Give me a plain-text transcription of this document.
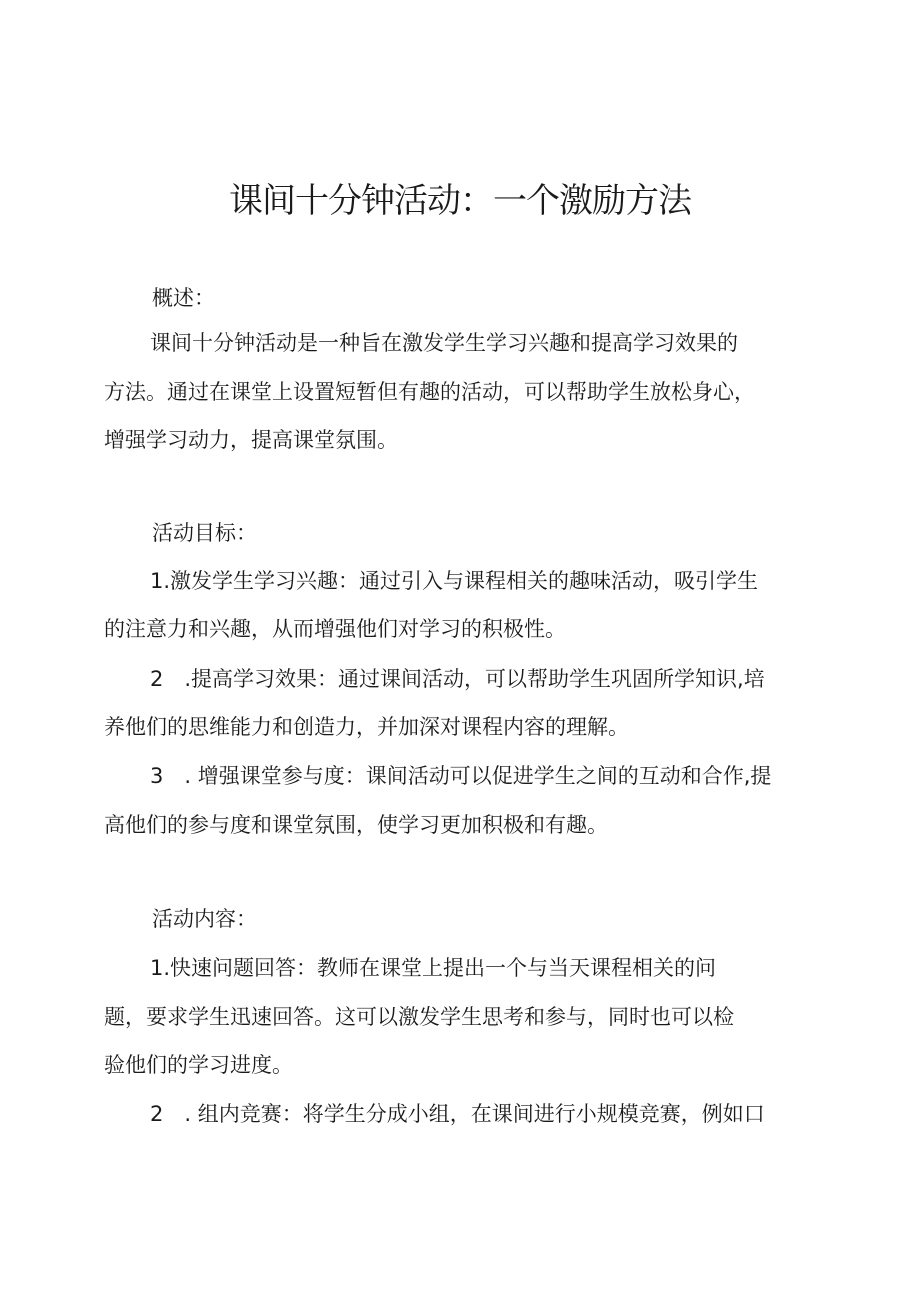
课间十分钟活动：一个激励方法
概述：
课间十分钟活动是一种旨在激发学生学习兴趣和提高学习效果的
方法。通过在课堂上设置短暂但有趣的活动，可以帮助学生放松身心，
增强学习动力，提高课堂氛围。
活动目标：
1.激发学生学习兴趣：通过引入与课程相关的趣味活动，吸引学生
的注意力和兴趣，从而增强他们对学习的积极性。
2　.提高学习效果：通过课间活动，可以帮助学生巩固所学知识,培
养他们的思维能力和创造力，并加深对课程内容的理解。
3　. 增强课堂参与度：课间活动可以促进学生之间的互动和合作,提
高他们的参与度和课堂氛围，使学习更加积极和有趣。
活动内容：
1.快速问题回答：教师在课堂上提出一个与当天课程相关的问
题，要求学生迅速回答。这可以激发学生思考和参与，同时也可以检
验他们的学习进度。
2　. 组内竞赛：将学生分成小组，在课间进行小规模竞赛，例如口
